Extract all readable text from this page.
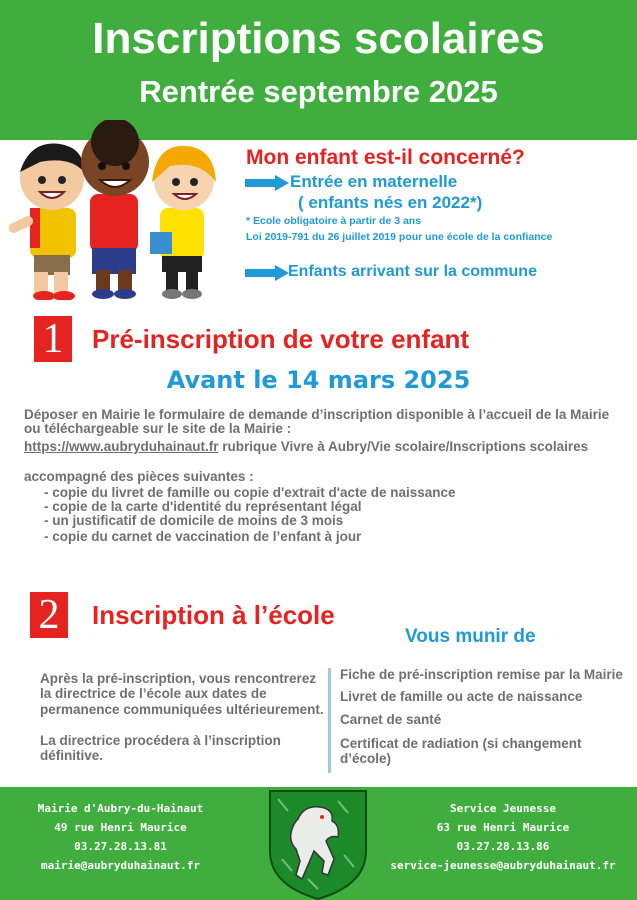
Inscriptions scolaires
Rentrée septembre 2025
Mon enfant est-il concerné?
Entrée en maternelle
( enfants nés en 2022*)
* Ecole obligatoire à partir de 3 ans
Loi 2019-791 du 26 juillet 2019 pour une école de la confiance
Enfants arrivant sur la commune
1	Pré-inscription de votre enfant
Avant le 14 mars 2025
Déposer en Mairie le formulaire de demande d’inscription disponible à l’accueil de la Mairie
ou téléchargeable sur le site de la Mairie :
https://www.aubryduhainaut.fr rubrique Vivre à Aubry/Vie scolaire/Inscriptions scolaires
accompagné des pièces suivantes :
- copie du livret de famille ou copie d'extrait d'acte de naissance
- copie de la carte d'identité du représentant légal
- un justificatif de domicile de moins de 3 mois
- copie du carnet de vaccination de l’enfant à jour
2	Inscription à l’école
Vous munir de
Après la pré-inscription, vous rencontrerez
la directrice de l’école aux dates de
permanence communiquées ultérieurement.
La directrice procédera à l’inscription
définitive.
Fiche de pré-inscription remise par la Mairie
Livret de famille ou acte de naissance
Carnet de santé
Certificat de radiation (si changement
d’école)
Mairie d'Aubry-du-Hainaut
49 rue Henri Maurice
03.27.28.13.81
mairie@aubryduhainaut.fr
Service Jeunesse
63 rue Henri Maurice
03.27.28.13.86
service-jeunesse@aubryduhainaut.fr
